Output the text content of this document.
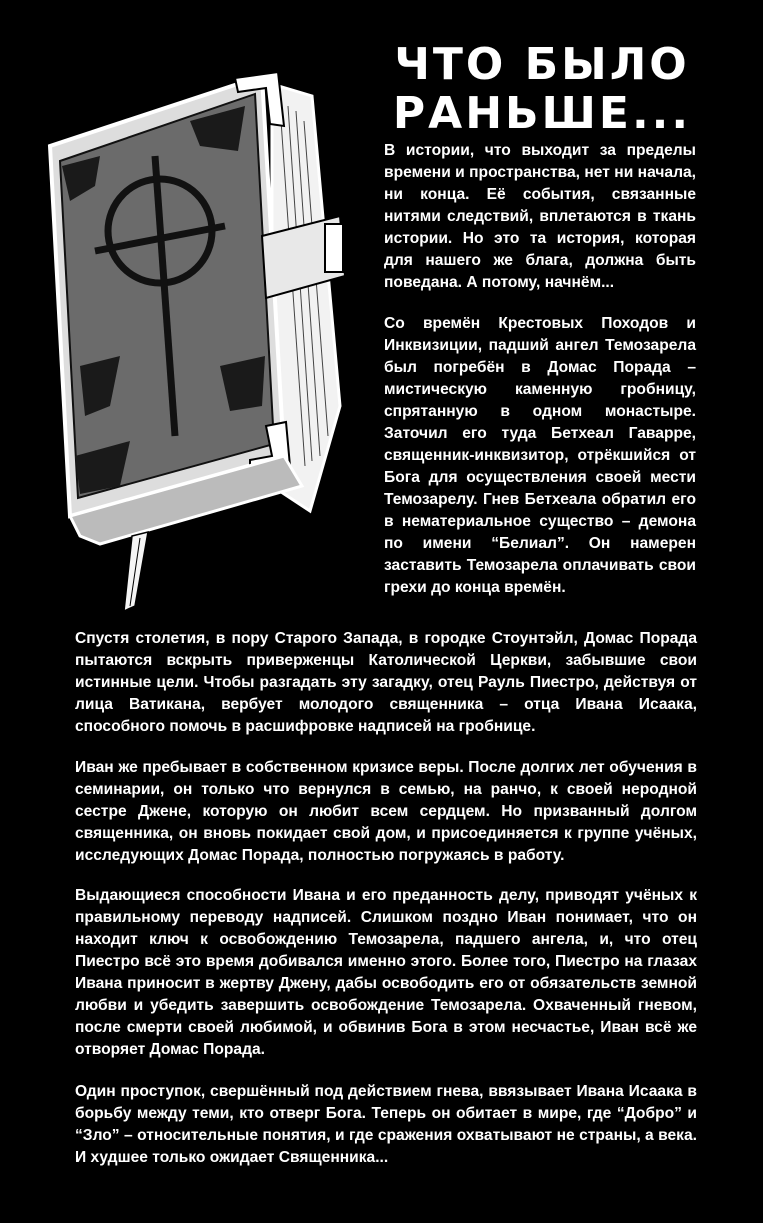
ЧТО БЫЛО
РАНЬШЕ...

В истории, что выходит за пределы времени и пространства, нет ни начала, ни конца. Её события, связанные нитями следствий, вплетаются в ткань истории. Но это та история, которая для нашего же блага, должна быть поведана. А потому, начнём...

Со времён Крестовых Походов и Инквизиции, падший ангел Темозарела был погребён в Домас Порада – мистическую каменную гробницу, спрятанную в одном монастыре. Заточил его туда Бетхеал Гаварре, священник-инквизитор, отрёкшийся от Бога для осуществления своей мести Темозарелу. Гнев Бетхеала обратил его в нематериальное существо – демона по имени “Белиал”. Он намерен заставить Темозарела оплачивать свои грехи до конца времён.

Спустя столетия, в пору Старого Запада, в городке Стоунтэйл, Домас Порада пытаются вскрыть приверженцы Католической Церкви, забывшие свои истинные цели. Чтобы разгадать эту загадку, отец Рауль Пиестро, действуя от лица Ватикана, вербует молодого священника – отца Ивана Исаака, способного помочь в расшифровке надписей на гробнице.

Иван же пребывает в собственном кризисе веры. После долгих лет обучения в семинарии, он только что вернулся в семью, на ранчо, к своей неродной сестре Джене, которую он любит всем сердцем. Но призванный долгом священника, он вновь покидает свой дом, и присоединяется к группе учёных, исследующих Домас Порада, полностью погружаясь в работу.

Выдающиеся способности Ивана и его преданность делу, приводят учёных к правильному переводу надписей. Слишком поздно Иван понимает, что он находит ключ к освобождению Темозарела, падшего ангела, и, что отец Пиестро всё это время добивался именно этого. Более того, Пиестро на глазах Ивана приносит в жертву Джену, дабы освободить его от обязательств земной любви и убедить завершить освобождение Темозарела. Охваченный гневом, после смерти своей любимой, и обвинив Бога в этом несчастье, Иван всё же отворяет Домас Порада.

Один проступок, свершённый под действием гнева, ввязывает Ивана Исаака в борьбу между теми, кто отверг Бога. Теперь он обитает в мире, где “Добро” и “Зло” – относительные понятия, и где сражения охватывают не страны, а века. И худшее только ожидает Священника...
